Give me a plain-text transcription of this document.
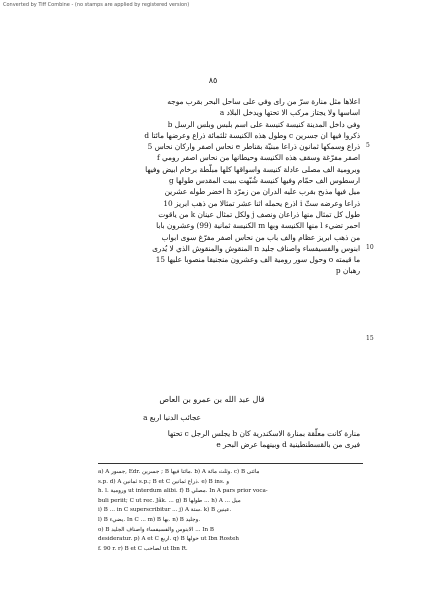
Converted by Tiff Combine - (no stamps are applied by registered version)
۸٥
اعلاها مثل منارة سرّ من راى وفي على ساحل البحر بقرب موجه
اساسها ولا يجتاز مركب الا تحتها ويدخل البلاد ‌‌‌a
وفي داخل المدينة كنيسة كنيسة على اسم بلبس وبلس الرسل b
ذكروا فيها ان جسرين c وطول هذه الكنيسة ثلثمائة ذراع وعرضها مائتا d
ذراع وسمكها ثمانون ذراعا مبنيّة بقناطر e نحاس اصفر واركان نحاس 5
اصفر مفرّغة وسقف هذه الكنيسة وحيطانها من نحاس اصفر رومي f
وبرومية الف مصلى عادلة كنيسة واسواقها كلها مبلّطة برخام ابيض وفيها
ارسطوس الف حمّام وفيها كنيسة شُبّهت ببيت المقدس طولها g
ميل فيها مذبح بقرب عليه الدران من زمرّد h اخضر طوله عشرين
ذراعا وعرضه ستّ i اذرع يحمله اثنا عشر تمثالا من ذهب ابريز 10
طول كل تمثال منها ذراعان ونصف j ولكل تمثال عينان k من ياقوت
احمر تضيء l منها الكنيسة وبها m الكنيسة ثمانية (99) وعشرون بابا
من ذهب ابريز عظام والف باب من نحاس اصفر مفرّغ سوى ابواب
ابنوس والفسيفساء واصناف جليد n المنقوش والمنقوش الذي لا يُدرى
ما قيمته o وحول سور رومية الف وعشرون منجنيقا منصوبا عليها 15
رهبان p
5
10
15
قال عبد الله بن عمرو بن العاص
عجائب الدنيا اربع a
منارة كانت معلّقة بمنارة الاسكندرية كان b يجلس الرجل c تحتها
فيرى من بالقسطنطينية d وبينهما عرض البحر e
a) A جسور, Edr. جسرين ; B مائتا فيها. b) A وثلث مائة. c) B مائتى
s.p. d) A ثمانين s.p.; B et C ذراع ثمانين. e) B ins. و
h. l. ورومية ut interdum alibi. f) B مصلي. In A pars prior voca-
buli periit; C ut rec. Jâk. ... g) B طولها ... h) A ... ميل
i) B ... in C superscribitur ... j) A ستة. k) B عينين.
l) B يضيء. In C ... m) B بها. n) B وجليد.
o) B الابنوس والفسيفساء واصناف الجليد ... In B
desideratur. p) A et C اربع. q) B حولها ut Ibn Rosteh
f. 90 r. r) B et C لصاحب ut Ibn R.
